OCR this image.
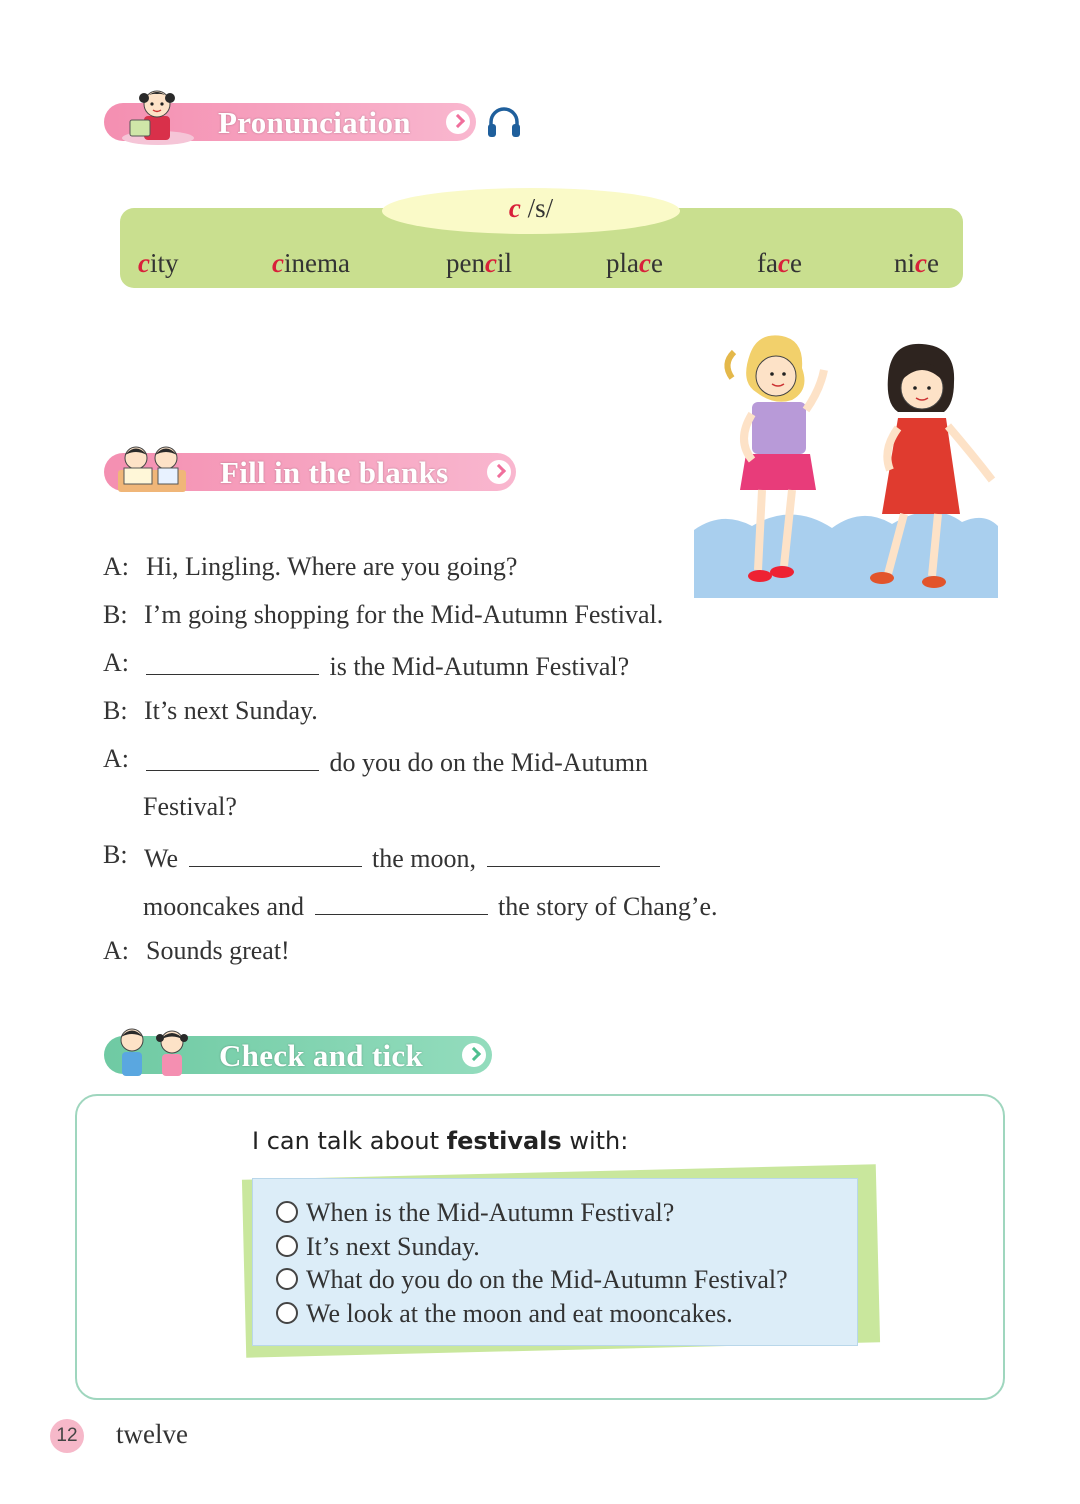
Pronunciation
c /s/
city	cinema	pencil	place	face	nice
Fill in the blanks
A: Hi, Lingling. Where are you going?
B: I’m going shopping for the Mid-Autumn Festival.
A:	is the Mid-Autumn Festival?
B: It’s next Sunday.
A:	do you do on the Mid-Autumn
Festival?
B: We	the moon,
mooncakes and	the story of Chang’e.
A: Sounds great!
Check and tick
I can talk about festivals with:
When is the Mid-Autumn Festival?
It’s next Sunday.
What do you do on the Mid-Autumn Festival?
We look at the moon and eat mooncakes.
12 twelve
